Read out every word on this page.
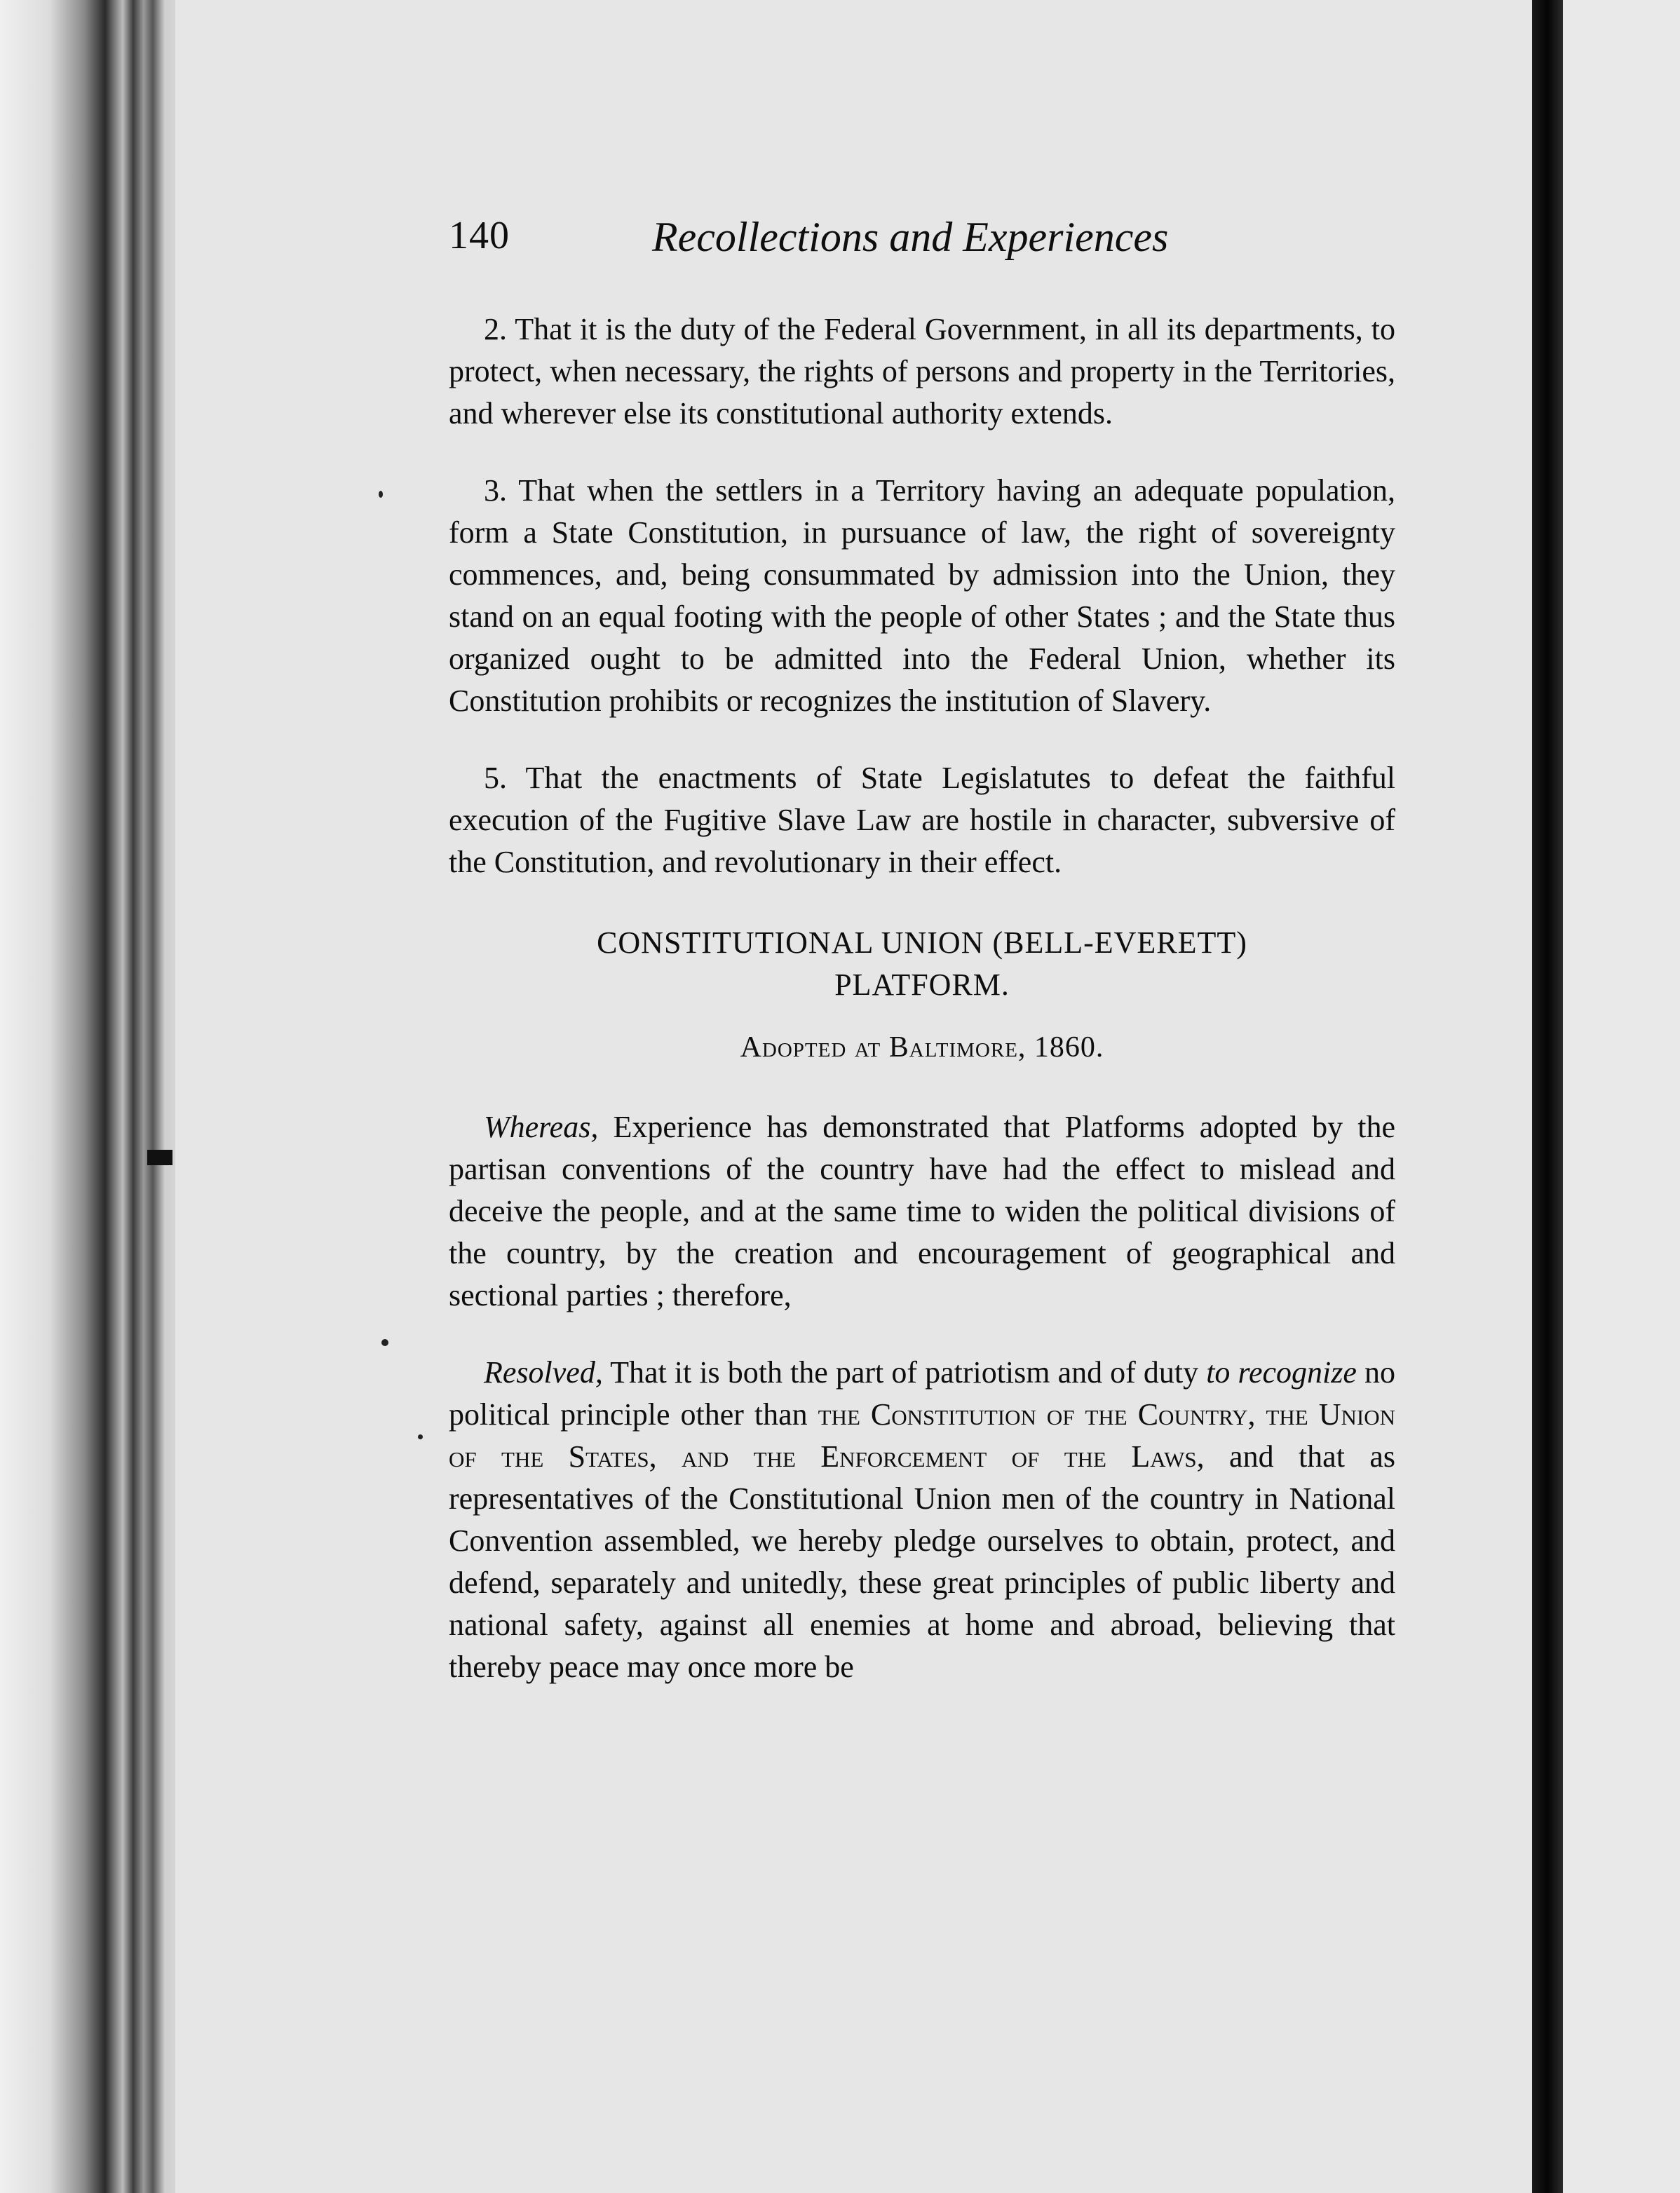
140	Recollections and Experiences

2. That it is the duty of the Federal Government, in all its departments, to protect, when necessary, the rights of persons and property in the Territories, and wherever else its constitutional authority extends.

3. That when the settlers in a Territory having an adequate population, form a State Constitution, in pursuance of law, the right of sovereignty commences, and, being consummated by admission into the Union, they stand on an equal footing with the people of other States ; and the State thus organized ought to be admitted into the Federal Union, whether its Constitution prohibits or recognizes the institution of Slavery.

5. That the enactments of State Legislatutes to defeat the faithful execution of the Fugitive Slave Law are hostile in character, subversive of the Constitution, and revolutionary in their effect.

CONSTITUTIONAL UNION (BELL-EVERETT)
PLATFORM.
Adopted at Baltimore, 1860.

Whereas, Experience has demonstrated that Platforms adopted by the partisan conventions of the country have had the effect to mislead and deceive the people, and at the same time to widen the political divisions of the country, by the creation and encouragement of geographical and sectional parties ; therefore,

Resolved, That it is both the part of patriotism and of duty to recognize no political principle other than the Constitution of the Country, the Union of the States, and the Enforcement of the Laws, and that as representatives of the Constitutional Union men of the country in National Convention assembled, we hereby pledge ourselves to obtain, protect, and defend, separately and unitedly, these great principles of public liberty and national safety, against all enemies at home and abroad, believing that thereby peace may once more be
